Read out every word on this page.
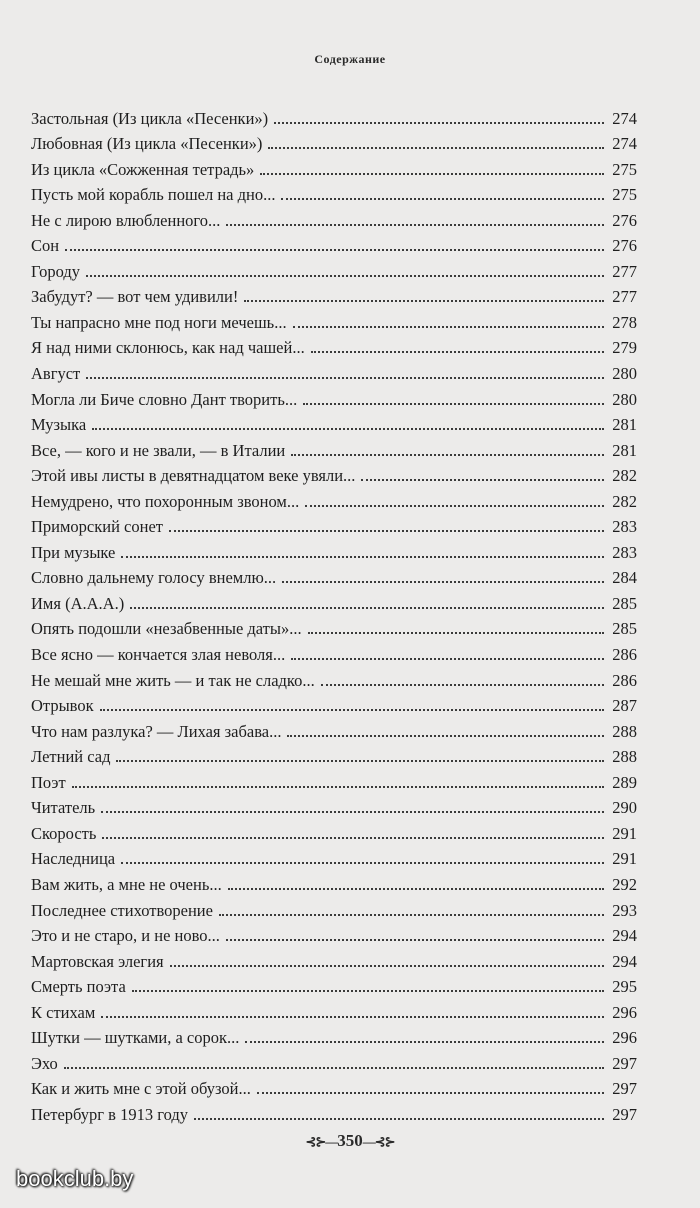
Содержание
Застольная (Из цикла «Песенки»)	274
Любовная (Из цикла «Песенки»)	274
Из цикла «Сожженная тетрадь»	275
Пусть мой корабль пошел на дно...	275
Не с лирою влюбленного...	276
Сон	276
Городу	277
Забудут? — вот чем удивили!	277
Ты напрасно мне под ноги мечешь...	278
Я над ними склонюсь, как над чашей...	279
Август	280
Могла ли Биче словно Дант творить...	280
Музыка	281
Все, — кого и не звали, — в Италии	281
Этой ивы листы в девятнадцатом веке увяли...	282
Немудрено, что похоронным звоном...	282
Приморский сонет	283
При музыке	283
Словно дальнему голосу внемлю...	284
Имя (А.А.А.)	285
Опять подошли «незабвенные даты»...	285
Все ясно — кончается злая неволя...	286
Не мешай мне жить — и так не сладко...	286
Отрывок	287
Что нам разлука? — Лихая забава...	288
Летний сад	288
Поэт	289
Читатель	290
Скорость	291
Наследница	291
Вам жить, а мне не очень...	292
Последнее стихотворение	293
Это и не старо, и не ново...	294
Мартовская элегия	294
Смерть поэта	295
К стихам	296
Шутки — шутками, а сорок...	296
Эхо	297
Как и жить мне с этой обузой...	297
Петербург в 1913 году	297
⊰⊱—350—⊰⊱
bookclub.by
